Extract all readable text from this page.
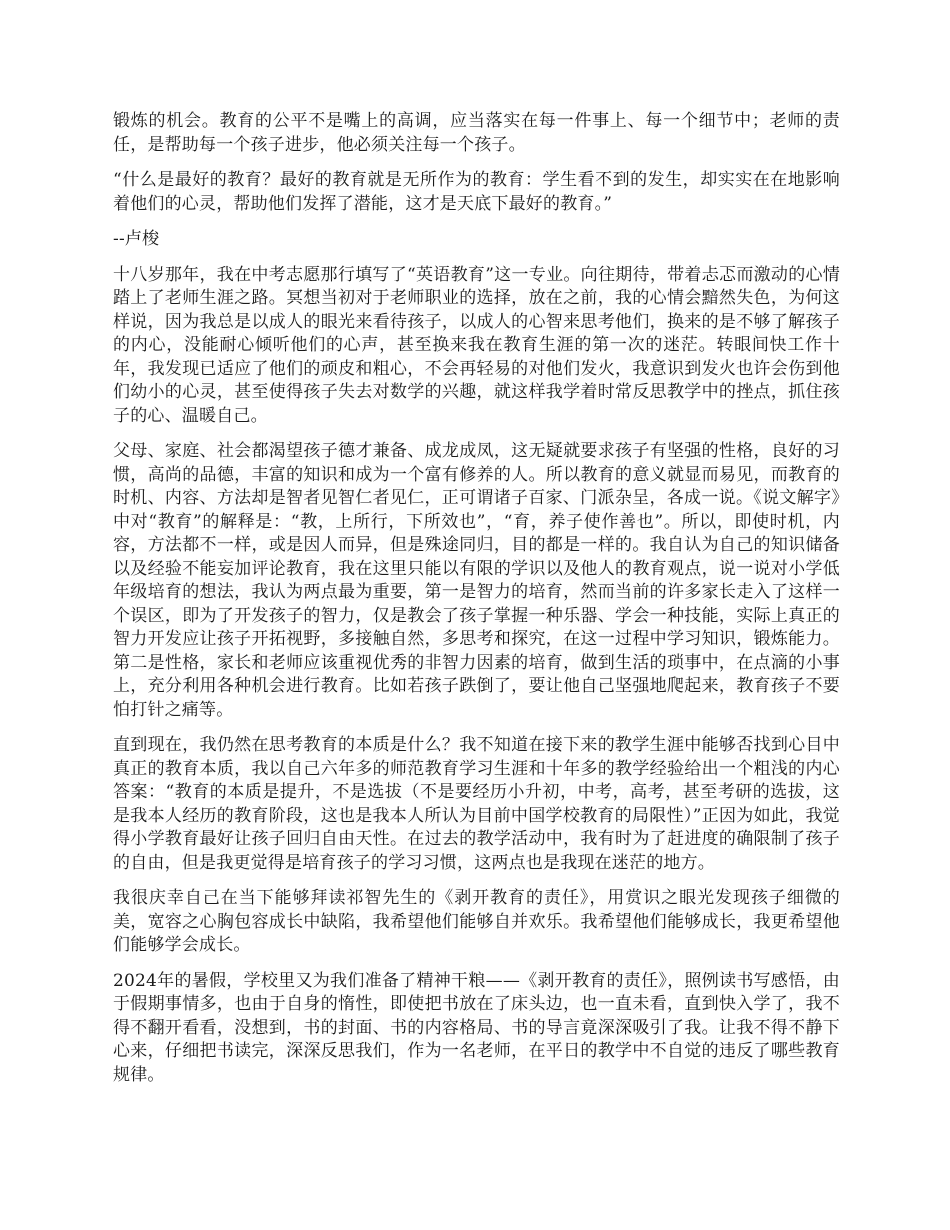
锻炼的机会。教育的公平不是嘴上的高调，应当落实在每一件事上、每一个细节中；老师的责任，是帮助每一个孩子进步，他必须关注每一个孩子。

“什么是最好的教育？最好的教育就是无所作为的教育：学生看不到的发生，却实实在在地影响着他们的心灵，帮助他们发挥了潜能，这才是天底下最好的教育。”

--卢梭

十八岁那年，我在中考志愿那行填写了“英语教育”这一专业。向往期待，带着忐忑而激动的心情踏上了老师生涯之路。冥想当初对于老师职业的选择，放在之前，我的心情会黯然失色，为何这样说，因为我总是以成人的眼光来看待孩子，以成人的心智来思考他们，换来的是不够了解孩子的内心，没能耐心倾听他们的心声，甚至换来我在教育生涯的第一次的迷茫。转眼间快工作十年，我发现已适应了他们的顽皮和粗心，不会再轻易的对他们发火，我意识到发火也许会伤到他们幼小的心灵，甚至使得孩子失去对数学的兴趣，就这样我学着时常反思教学中的挫点，抓住孩子的心、温暖自己。

父母、家庭、社会都渴望孩子德才兼备、成龙成凤，这无疑就要求孩子有坚强的性格，良好的习惯，高尚的品德，丰富的知识和成为一个富有修养的人。所以教育的意义就显而易见，而教育的时机、内容、方法却是智者见智仁者见仁，正可谓诸子百家、门派杂呈，各成一说。《说文解字》中对“教育”的解释是：“教，上所行，下所效也”，“育，养子使作善也”。所以，即使时机，内容，方法都不一样，或是因人而异，但是殊途同归，目的都是一样的。我自认为自己的知识储备以及经验不能妄加评论教育，我在这里只能以有限的学识以及他人的教育观点，说一说对小学低年级培育的想法，我认为两点最为重要，第一是智力的培育，然而当前的许多家长走入了这样一个误区，即为了开发孩子的智力，仅是教会了孩子掌握一种乐器、学会一种技能，实际上真正的智力开发应让孩子开拓视野，多接触自然，多思考和探究，在这一过程中学习知识，锻炼能力。第二是性格，家长和老师应该重视优秀的非智力因素的培育，做到生活的琐事中，在点滴的小事上，充分利用各种机会进行教育。比如若孩子跌倒了，要让他自己坚强地爬起来，教育孩子不要怕打针之痛等。

直到现在，我仍然在思考教育的本质是什么？我不知道在接下来的教学生涯中能够否找到心目中真正的教育本质，我以自己六年多的师范教育学习生涯和十年多的教学经验给出一个粗浅的内心答案：“教育的本质是提升，不是选拔（不是要经历小升初，中考，高考，甚至考研的选拔，这是我本人经历的教育阶段，这也是我本人所认为目前中国学校教育的局限性）”正因为如此，我觉得小学教育最好让孩子回归自由天性。在过去的教学活动中，我有时为了赶进度的确限制了孩子的自由，但是我更觉得是培育孩子的学习习惯，这两点也是我现在迷茫的地方。

我很庆幸自己在当下能够拜读祁智先生的《剥开教育的责任》，用赏识之眼光发现孩子细微的美，宽容之心胸包容成长中缺陷，我希望他们能够自并欢乐。我希望他们能够成长，我更希望他们能够学会成长。

2024年的暑假，学校里又为我们准备了精神干粮——《剥开教育的责任》，照例读书写感悟，由于假期事情多，也由于自身的惰性，即使把书放在了床头边，也一直未看，直到快入学了，我不得不翻开看看，没想到，书的封面、书的内容格局、书的导言竟深深吸引了我。让我不得不静下心来，仔细把书读完，深深反思我们，作为一名老师，在平日的教学中不自觉的违反了哪些教育规律。
